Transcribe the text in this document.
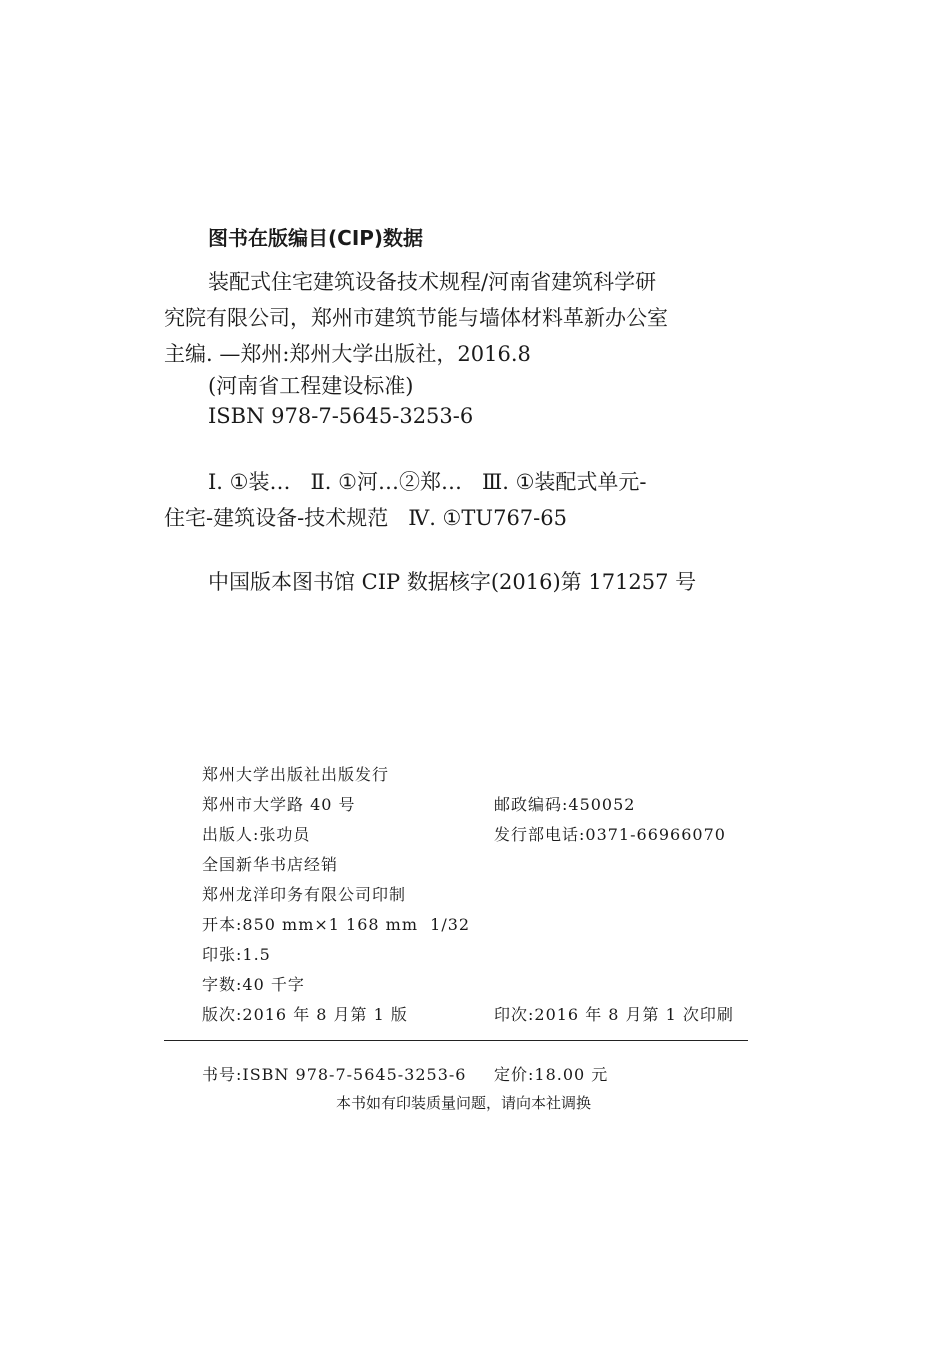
图书在版编目(CIP)数据
装配式住宅建筑设备技术规程/河南省建筑科学研
究院有限公司，郑州市建筑节能与墙体材料革新办公室
主编. —郑州:郑州大学出版社，2016.8
(河南省工程建设标准)
ISBN 978-7-5645-3253-6
Ⅰ. ①装…   Ⅱ. ①河…②郑…   Ⅲ. ①装配式单元-
住宅-建筑设备-技术规范   Ⅳ. ①TU767-65
中国版本图书馆 CIP 数据核字(2016)第 171257 号
郑州大学出版社出版发行
郑州市大学路 40 号	邮政编码:450052
出版人:张功员	发行部电话:0371-66966070
全国新华书店经销
郑州龙洋印务有限公司印制
开本:850 mm×1 168 mm  1/32
印张:1.5
字数:40 千字
版次:2016 年 8 月第 1 版	印次:2016 年 8 月第 1 次印刷
书号:ISBN 978-7-5645-3253-6 定价:18.00 元
本书如有印装质量问题，请向本社调换
